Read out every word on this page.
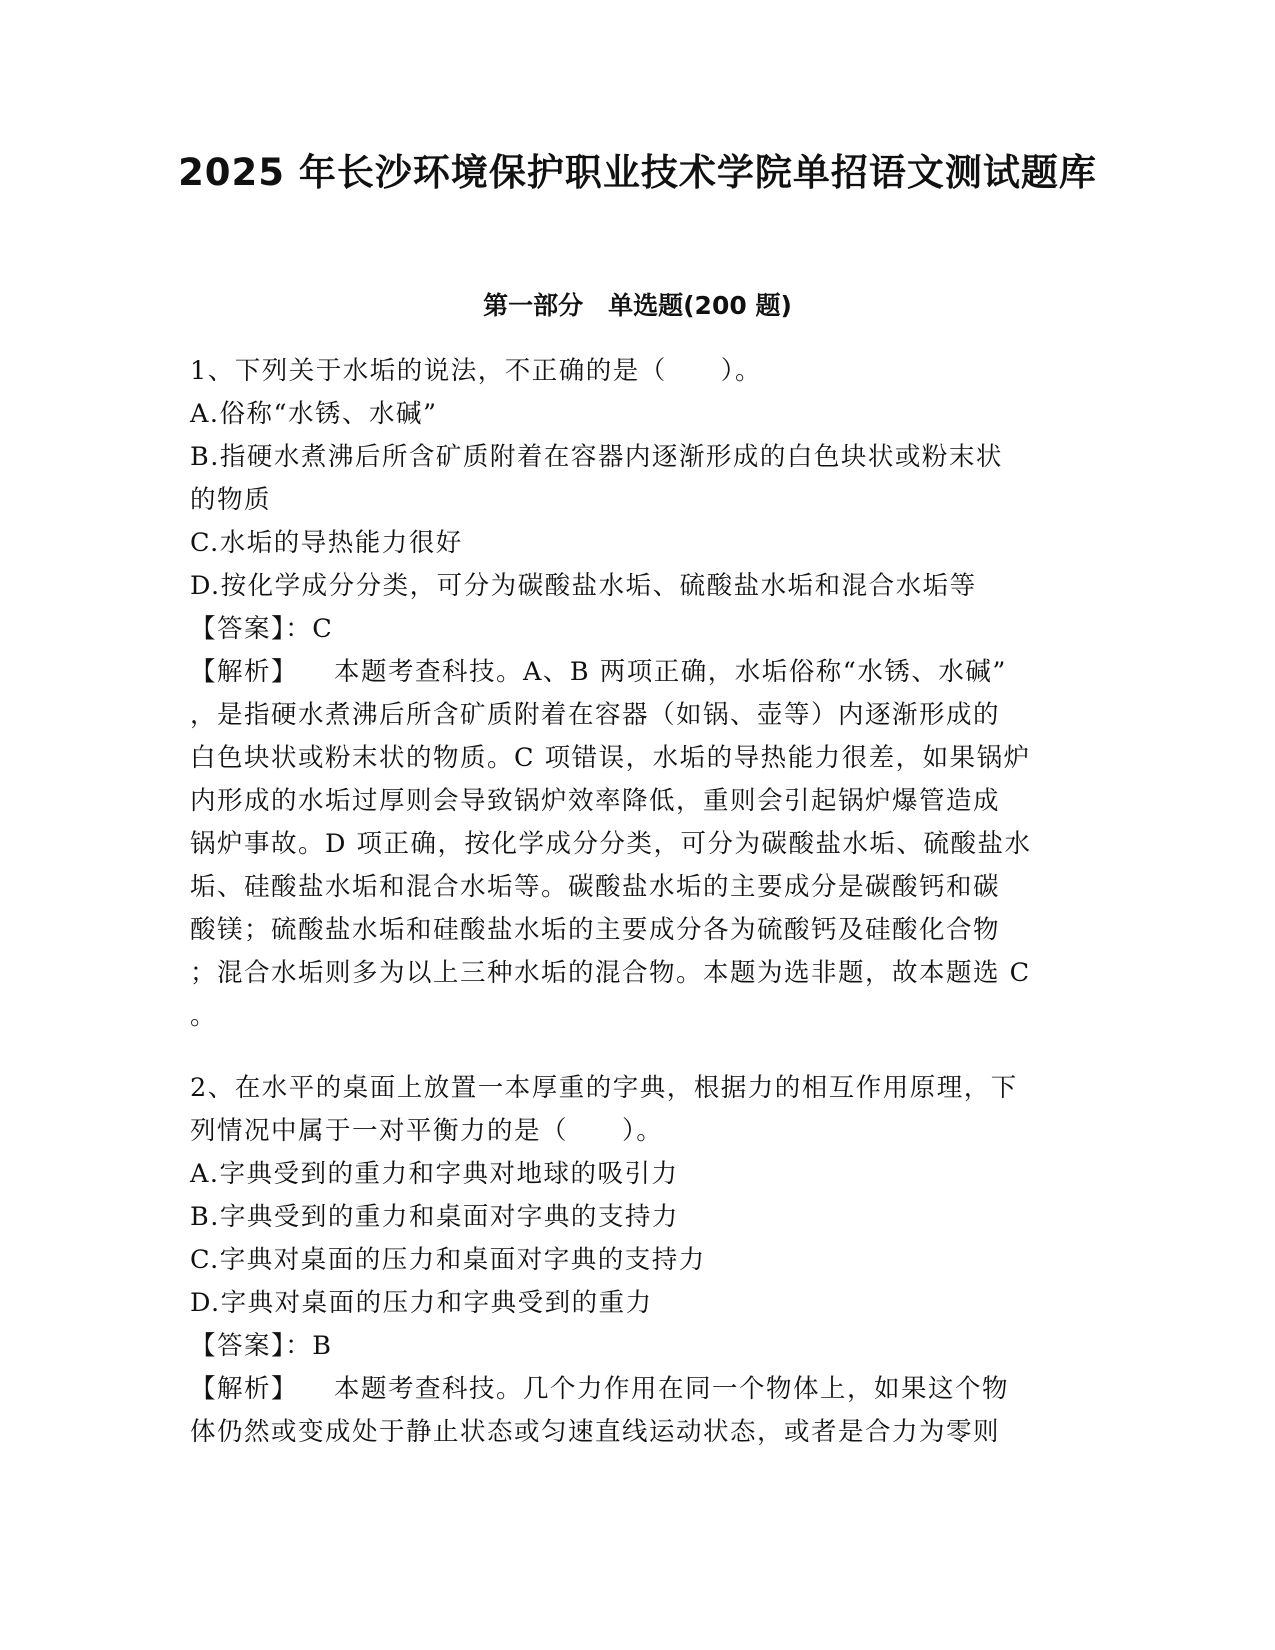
2025 年长沙环境保护职业技术学院单招语文测试题库
第一部分　单选题(200 题)
1、下列关于水垢的说法，不正确的是（　　）。
A.俗称“水锈、水碱”
B.指硬水煮沸后所含矿质附着在容器内逐渐形成的白色块状或粉末状
的物质
C.水垢的导热能力很好
D.按化学成分分类，可分为碳酸盐水垢、硫酸盐水垢和混合水垢等
【答案】：C
【解析】 本题考查科技。A、B 两项正确，水垢俗称“水锈、水碱”
，是指硬水煮沸后所含矿质附着在容器（如锅、壶等）内逐渐形成的
白色块状或粉末状的物质。C 项错误，水垢的导热能力很差，如果锅炉
内形成的水垢过厚则会导致锅炉效率降低，重则会引起锅炉爆管造成
锅炉事故。D 项正确，按化学成分分类，可分为碳酸盐水垢、硫酸盐水
垢、硅酸盐水垢和混合水垢等。碳酸盐水垢的主要成分是碳酸钙和碳
酸镁；硫酸盐水垢和硅酸盐水垢的主要成分各为硫酸钙及硅酸化合物
；混合水垢则多为以上三种水垢的混合物。本题为选非题，故本题选 C
。
2、在水平的桌面上放置一本厚重的字典，根据力的相互作用原理，下
列情况中属于一对平衡力的是（　　）。
A.字典受到的重力和字典对地球的吸引力
B.字典受到的重力和桌面对字典的支持力
C.字典对桌面的压力和桌面对字典的支持力
D.字典对桌面的压力和字典受到的重力
【答案】：B
【解析】 本题考查科技。几个力作用在同一个物体上，如果这个物
体仍然或变成处于静止状态或匀速直线运动状态，或者是合力为零则
